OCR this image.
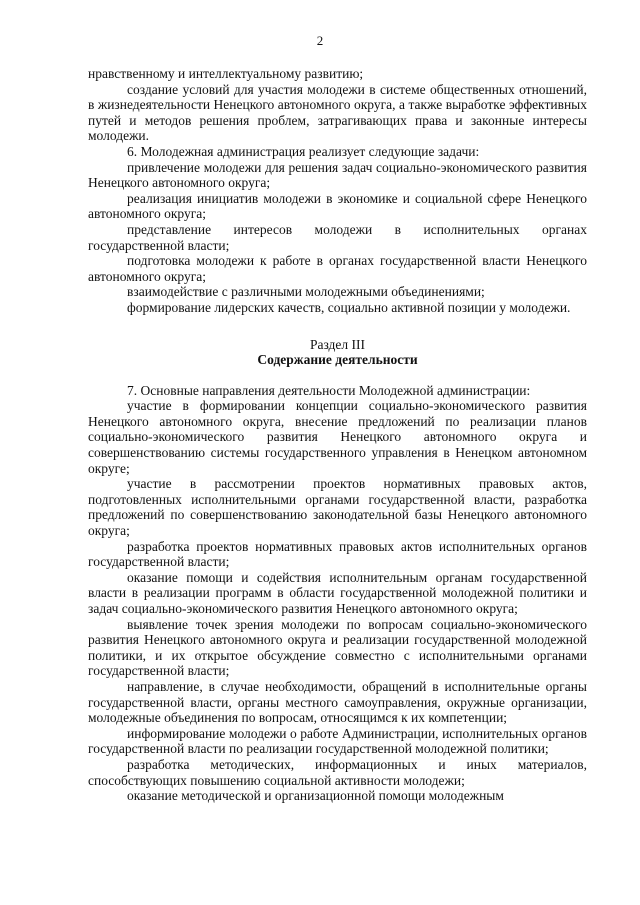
2

нравственному и интеллектуальному развитию;

создание условий для участия молодежи в системе общественных отношений, в жизнедеятельности Ненецкого автономного округа, а также выработке эффективных путей и методов решения проблем, затрагивающих права и законные интересы молодежи.

6. Молодежная администрация реализует следующие задачи:

привлечение молодежи для решения задач социально-экономического развития Ненецкого автономного округа;

реализация инициатив молодежи в экономике и социальной сфере Ненецкого автономного округа;

представление интересов молодежи в исполнительных органах государственной власти;

подготовка молодежи к работе в органах государственной власти Ненецкого автономного округа;

взаимодействие с различными молодежными объединениями;

формирование лидерских качеств, социально активной позиции у молодежи.

Раздел III

Содержание деятельности

7. Основные направления деятельности Молодежной администрации:

участие в формировании концепции социально-экономического развития Ненецкого автономного округа, внесение предложений по реализации планов социально-экономического развития Ненецкого автономного округа и совершенствованию системы государственного управления в Ненецком автономном округе;

участие в рассмотрении проектов нормативных правовых актов, подготовленных исполнительными органами государственной власти, разработка предложений по совершенствованию законодательной базы Ненецкого автономного округа;

разработка проектов нормативных правовых актов исполнительных органов государственной власти;

оказание помощи и содействия исполнительным органам государственной власти в реализации программ в области государственной молодежной политики и задач социально-экономического развития Ненецкого автономного округа;

выявление точек зрения молодежи по вопросам социально-экономического развития Ненецкого автономного округа и реализации государственной молодежной политики, и их открытое обсуждение совместно с исполнительными органами государственной власти;

направление, в случае необходимости, обращений в исполнительные органы государственной власти, органы местного самоуправления, окружные организации, молодежные объединения по вопросам, относящимся к их компетенции;

информирование молодежи о работе Администрации, исполнительных органов государственной власти по реализации государственной молодежной политики;

разработка методических, информационных и иных материалов, способствующих повышению социальной активности молодежи;

оказание методической и организационной помощи молодежным
